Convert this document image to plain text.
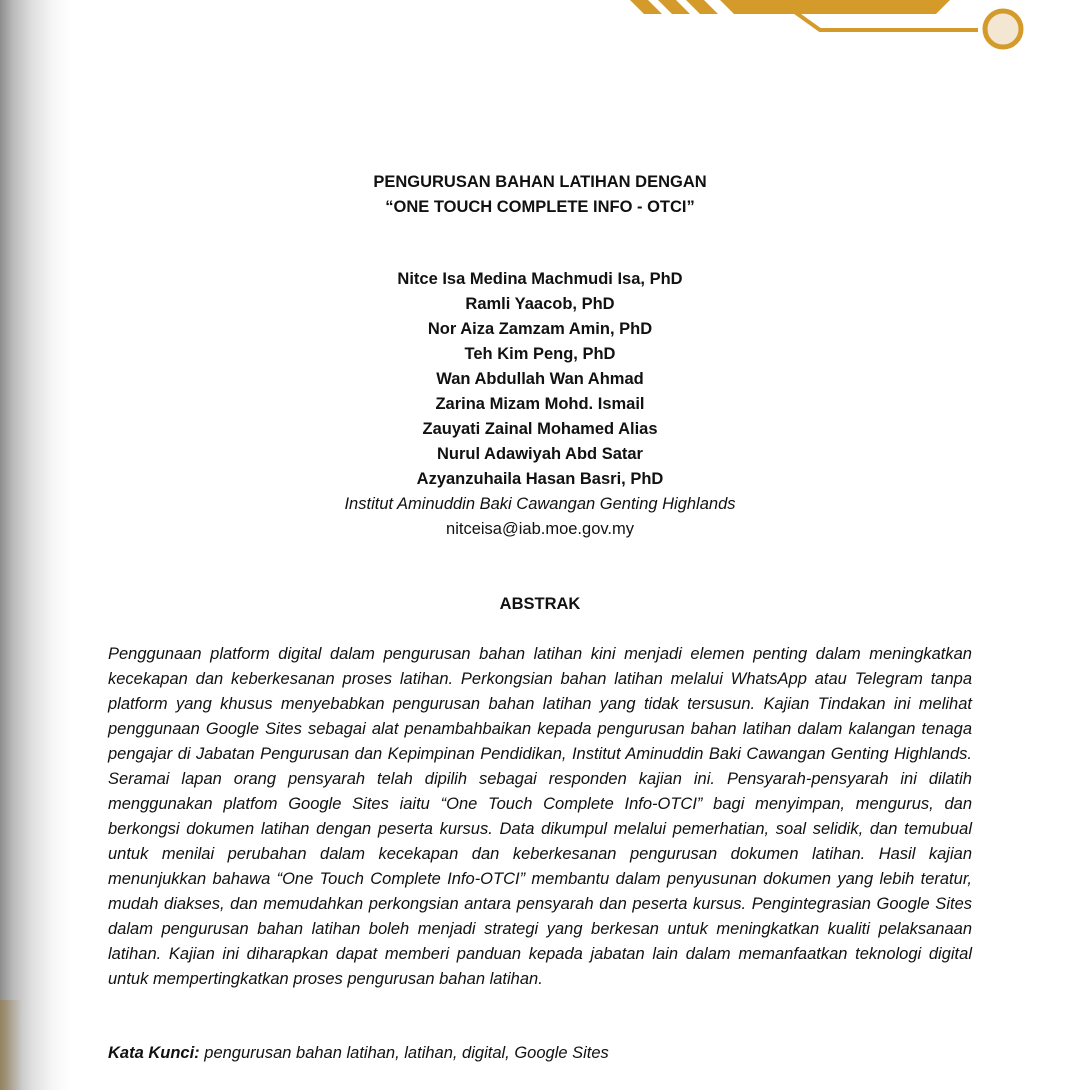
PENGURUSAN BAHAN LATIHAN DENGAN
“ONE TOUCH COMPLETE INFO - OTCI”
Nitce Isa Medina Machmudi Isa, PhD
Ramli Yaacob, PhD
Nor Aiza Zamzam Amin, PhD
Teh Kim Peng, PhD
Wan Abdullah Wan Ahmad
Zarina Mizam Mohd. Ismail
Zauyati Zainal Mohamed Alias
Nurul Adawiyah Abd Satar
Azyanzuhaila Hasan Basri, PhD
Institut Aminuddin Baki Cawangan Genting Highlands
nitceisa@iab.moe.gov.my
ABSTRAK

Penggunaan platform digital dalam pengurusan bahan latihan kini menjadi elemen penting dalam meningkatkan kecekapan dan keberkesanan proses latihan. Perkongsian bahan latihan melalui WhatsApp atau Telegram tanpa platform yang khusus menyebabkan pengurusan bahan latihan yang tidak tersusun. Kajian Tindakan ini melihat penggunaan Google Sites sebagai alat penambahbaikan kepada pengurusan bahan latihan dalam kalangan tenaga pengajar di Jabatan Pengurusan dan Kepimpinan Pendidikan, Institut Aminuddin Baki Cawangan Genting Highlands. Seramai lapan orang pensyarah telah dipilih sebagai responden kajian ini. Pensyarah-pensyarah ini dilatih menggunakan platfom Google Sites iaitu “One Touch Complete Info-OTCI” bagi menyimpan, mengurus, dan berkongsi dokumen latihan dengan peserta kursus. Data dikumpul melalui pemerhatian, soal selidik, dan temubual untuk menilai perubahan dalam kecekapan dan keberkesanan pengurusan dokumen latihan. Hasil kajian menunjukkan bahawa “One Touch Complete Info-OTCI” membantu dalam penyusunan dokumen yang lebih teratur, mudah diakses, dan memudahkan perkongsian antara pensyarah dan peserta kursus. Pengintegrasian Google Sites dalam pengurusan bahan latihan boleh menjadi strategi yang berkesan untuk meningkatkan kualiti pelaksanaan latihan. Kajian ini diharapkan dapat memberi panduan kepada jabatan lain dalam memanfaatkan teknologi digital untuk mempertingkatkan proses pengurusan bahan latihan.

Kata Kunci: pengurusan bahan latihan, latihan, digital, Google Sites
